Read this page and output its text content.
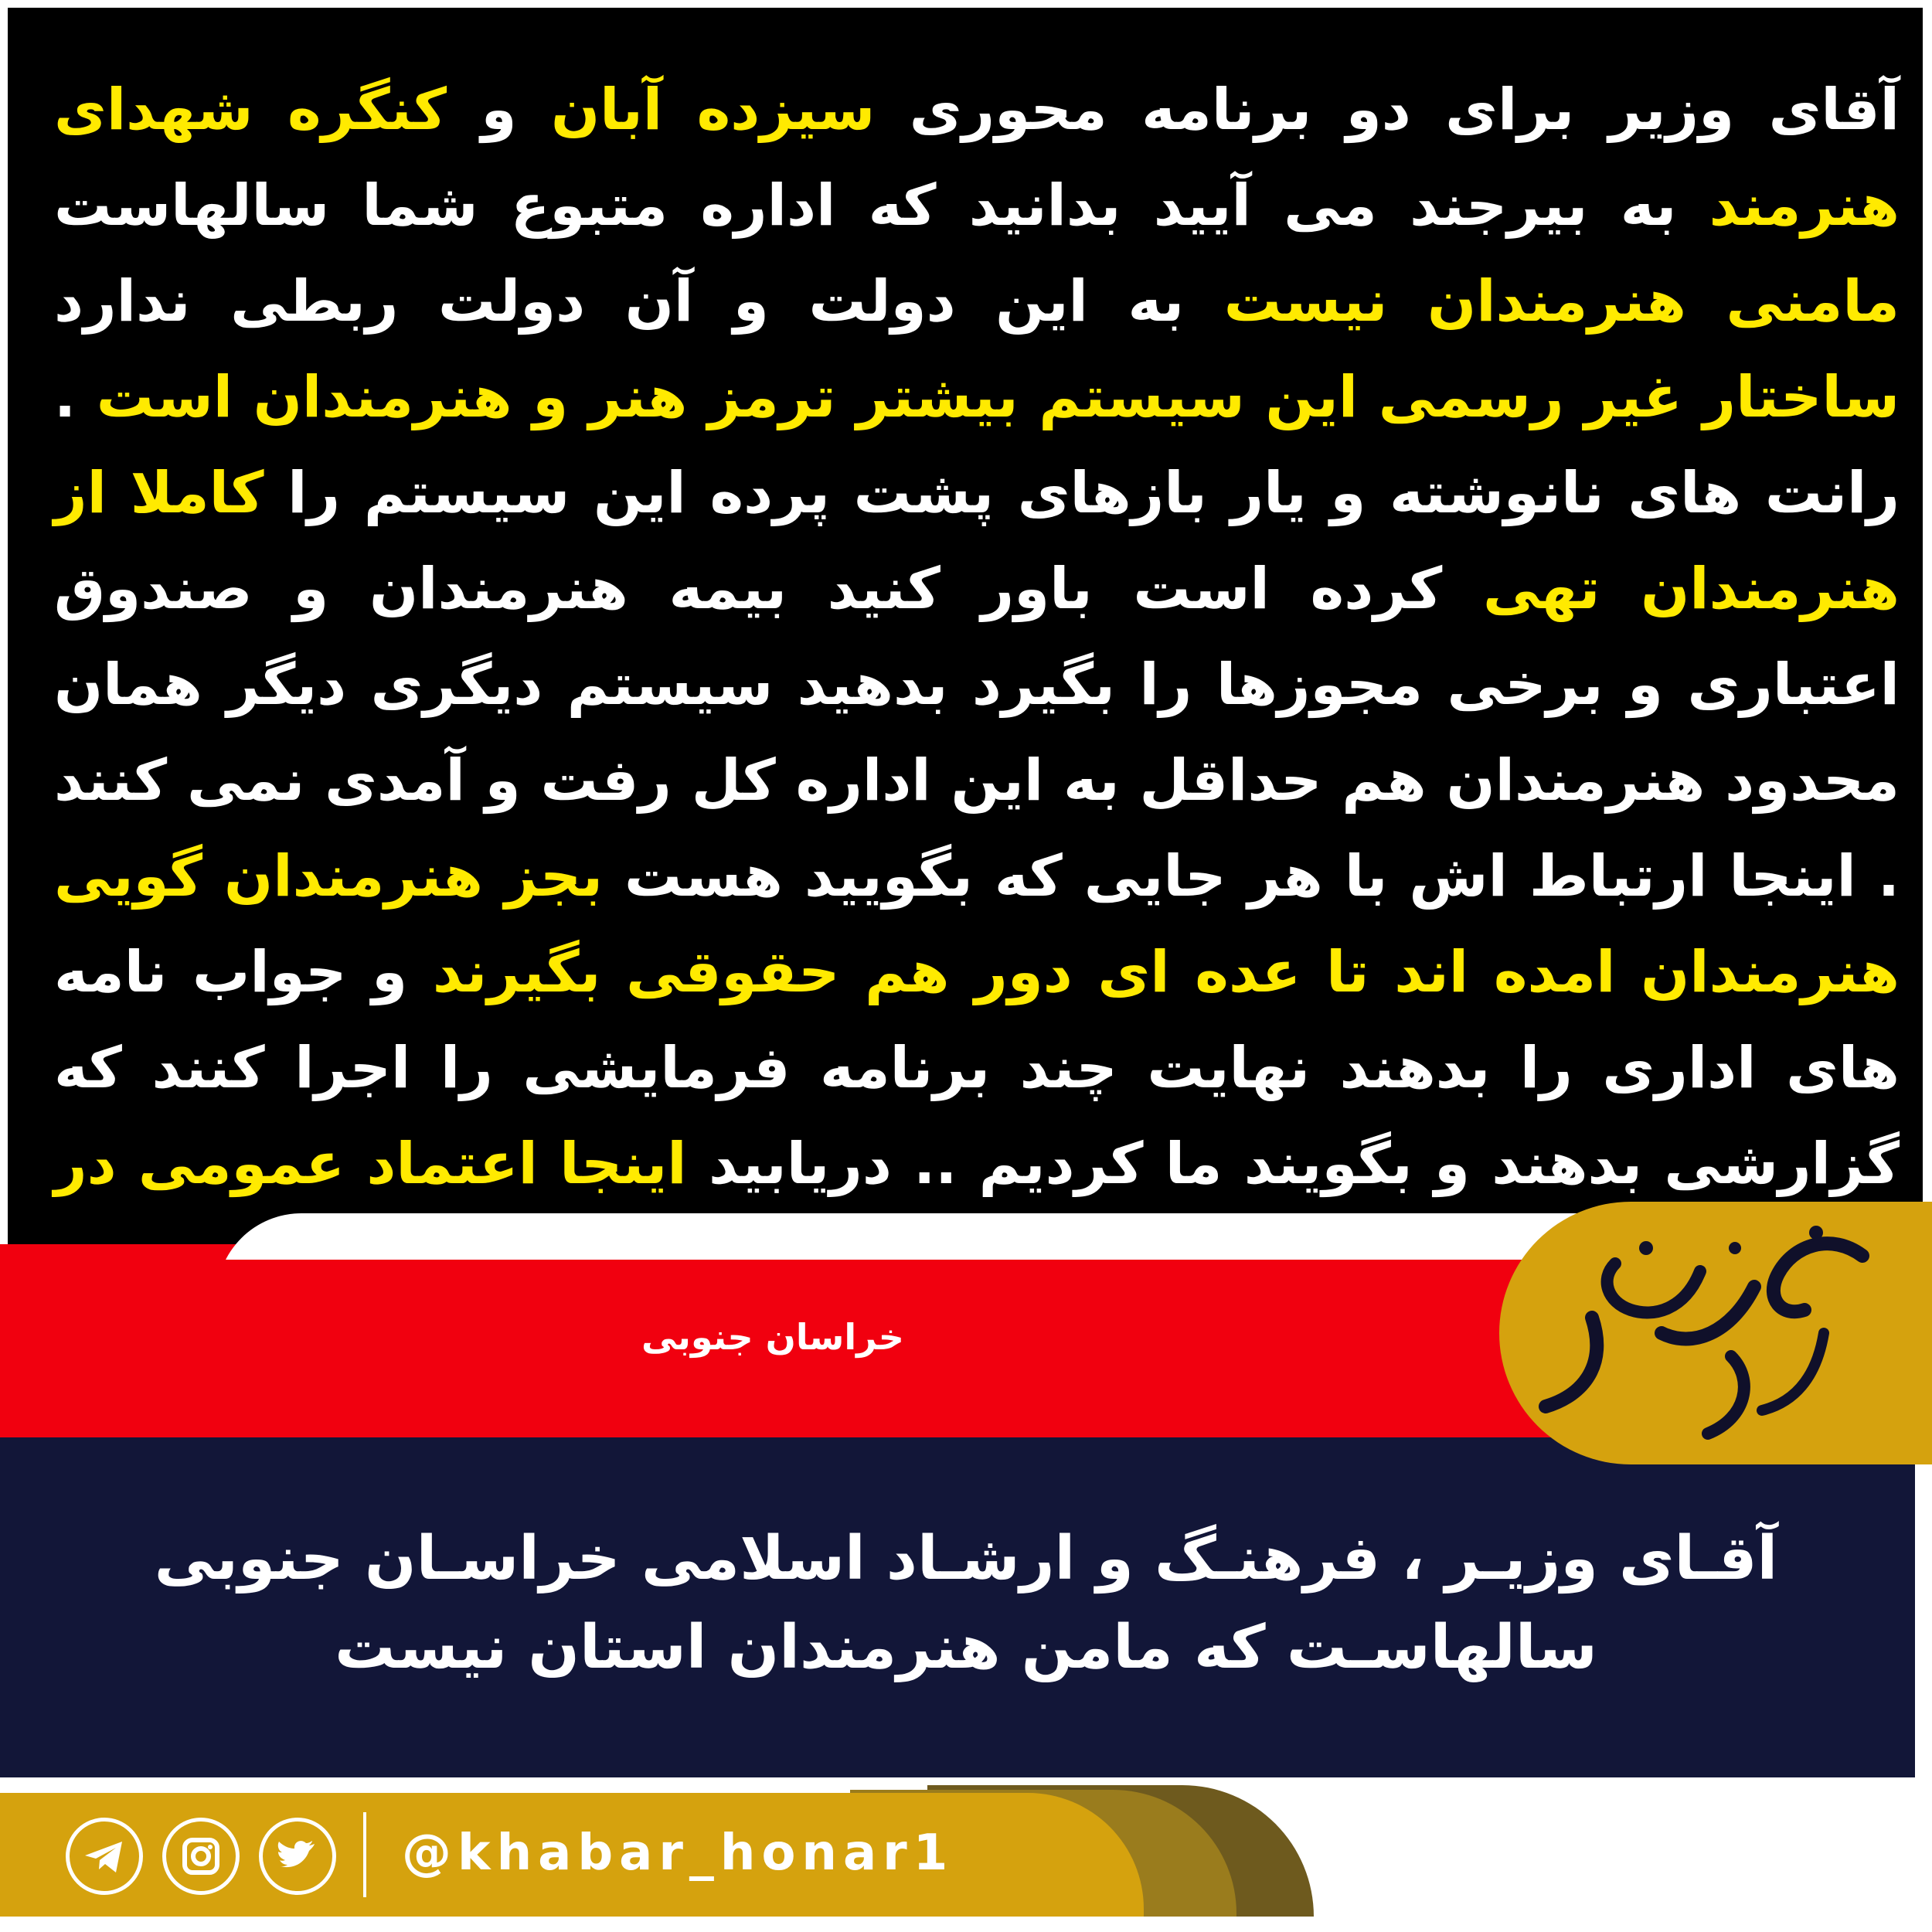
آقای وزیر برای دو برنامه محوری سیزده آبان و کنگره شهدای هنرمند به بیرجند می آیید بدانید که اداره متبوع شما سالهاست مامنی هنرمندان نیست به این دولت و آن دولت ربطی ندارد ساختار غیر رسمی این سیستم بیشتر ترمز هنر و هنرمندان است . رانت های نانوشته و یار بازهای پشت پرده این سیستم را کاملا از هنرمندان تهی کرده است باور کنید بیمه هنرمندان و صندوق اعتباری و برخی مجوزها را بگیرد بدهید سیستم دیگری دیگر همان محدود هنرمندان هم حداقل به این اداره کل رفت و آمدی نمی کنند . اینجا ارتباط اش با هر جایی که بگویید هست بجز هنرمندان گویی هنرمندان امده اند تا عده ای دور هم حقوقی بگیرند و جواب نامه های اداری را بدهند نهایت چند برنامه فرمایشی را اجرا کنند که گزارشی بدهند و بگویند ما کردیم .. دریابید اینجا اعتماد عمومی در
خراسان جنوبی
آقـای وزیـر ، فرهنـگ و ارشـاد اسلامی خراسـان جنوبی سالهاسـت که مامن هنرمندان استان نیست
@khabar_honar1
